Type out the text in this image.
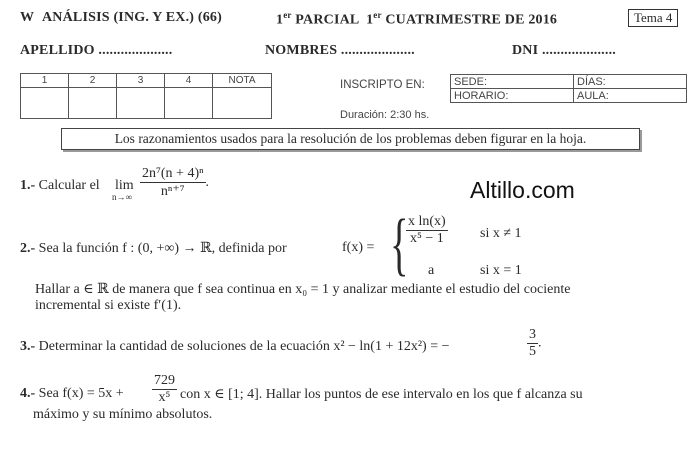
W ANÁLISIS (ING. Y EX.) (66)	1er PARCIAL 1er CUATRIMESTRE DE 2016	Tema 4
APELLIDO ....................	NOMBRES ....................	DNI ....................
1	2	3	4	NOTA
					INSCRIPTO EN:	SEDE:	DÍAS:
HORARIO:	AULA:
Duración: 2:30 hs.
Los razonamientos usados para la resolución de los problemas deben figurar en la hoja.
Altillo.com
1.- Calcular el lim
$n\to\infty \frac{\text{2n⁷(n + 4)ⁿ}}{\text{nⁿ⁺⁷}}$ .
2.- Sea la función f : (0, +∞) → ℝ, definida por	f(x) = {
$\frac{\text{x ln(x)}}{\text{x⁵ − 1}}$ si x ≠ 1
a	si x = 1
Hallar a ∈ ℝ de manera que f sea continua en x₀ = 1 y analizar mediante el estudio del cociente
incremental si existe f′(1).
3.- Determinar la cantidad de soluciones de la ecuación x² − ln(1 + 12x²) = −	$\frac{3}{5}$ .
4.- Sea $f(x) = 5x + \frac{729}{\text{x⁵}}$ con x ∈ [1; 4]. Hallar los puntos de ese intervalo en los que f alcanza su
máximo y su mínimo absolutos.
